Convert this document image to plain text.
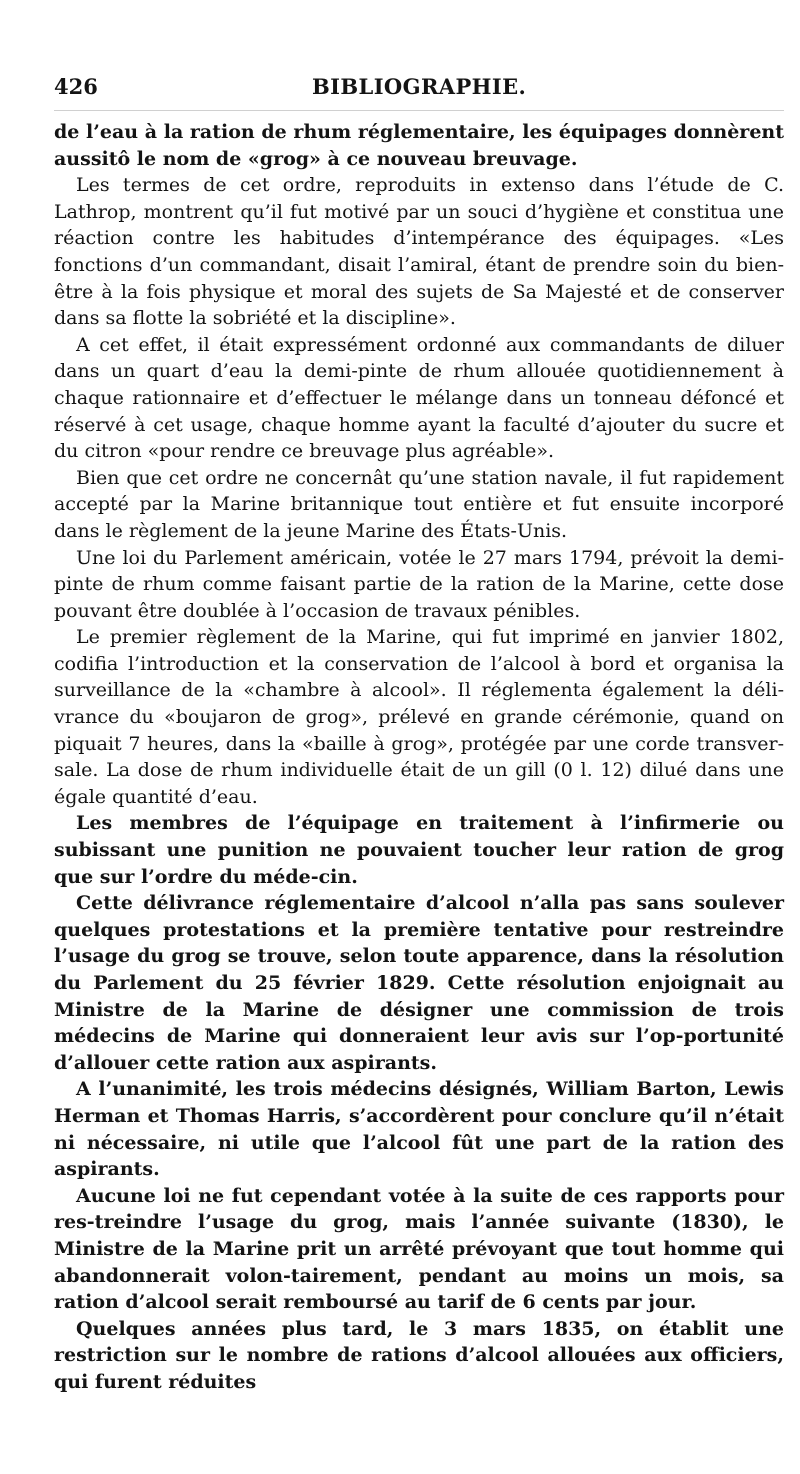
426	BIBLIOGRAPHIE.

de l’eau à la ration de rhum réglementaire, les équipages donnèrent aussitô le nom de «grog» à ce nouveau breuvage.

Les termes de cet ordre, reproduits in extenso dans l’étude de C. Lathrop, montrent qu’il fut motivé par un souci d’hygiène et constitua une réaction contre les habitudes d’intempérance des équipages. «Les fonctions d’un commandant, disait l’amiral, étant de prendre soin du bien-être à la fois physique et moral des sujets de Sa Majesté et de conserver dans sa flotte la sobriété et la discipline».

A cet effet, il était expressément ordonné aux commandants de diluer dans un quart d’eau la demi-pinte de rhum allouée quotidiennement à chaque rationnaire et d’effectuer le mélange dans un tonneau défoncé et réservé à cet usage, chaque homme ayant la faculté d’ajouter du sucre et du citron «pour rendre ce breuvage plus agréable».

Bien que cet ordre ne concernât qu’une station navale, il fut rapidement accepté par la Marine britannique tout entière et fut ensuite incorporé dans le règlement de la jeune Marine des États-Unis.

Une loi du Parlement américain, votée le 27 mars 1794, prévoit la demi-pinte de rhum comme faisant partie de la ration de la Marine, cette dose pouvant être doublée à l’occasion de travaux pénibles.

Le premier règlement de la Marine, qui fut imprimé en janvier 1802, codifia l’introduction et la conservation de l’alcool à bord et organisa la surveillance de la «chambre à alcool». Il réglementa également la déli-vrance du «boujaron de grog», prélevé en grande cérémonie, quand on piquait 7 heures, dans la «baille à grog», protégée par une corde transver-sale. La dose de rhum individuelle était de un gill (0 l. 12) dilué dans une égale quantité d’eau.

Les membres de l’équipage en traitement à l’infirmerie ou subissant une punition ne pouvaient toucher leur ration de grog que sur l’ordre du méde-cin.

Cette délivrance réglementaire d’alcool n’alla pas sans soulever quelques protestations et la première tentative pour restreindre l’usage du grog se trouve, selon toute apparence, dans la résolution du Parlement du 25 février 1829. Cette résolution enjoignait au Ministre de la Marine de désigner une commission de trois médecins de Marine qui donneraient leur avis sur l’op-portunité d’allouer cette ration aux aspirants.

A l’unanimité, les trois médecins désignés, William Barton, Lewis Herman et Thomas Harris, s’accordèrent pour conclure qu’il n’était ni nécessaire, ni utile que l’alcool fût une part de la ration des aspirants.

Aucune loi ne fut cependant votée à la suite de ces rapports pour res-treindre l’usage du grog, mais l’année suivante (1830), le Ministre de la Marine prit un arrêté prévoyant que tout homme qui abandonnerait volon-tairement, pendant au moins un mois, sa ration d’alcool serait remboursé au tarif de 6 cents par jour.

Quelques années plus tard, le 3 mars 1835, on établit une restriction sur le nombre de rations d’alcool allouées aux officiers, qui furent réduites
